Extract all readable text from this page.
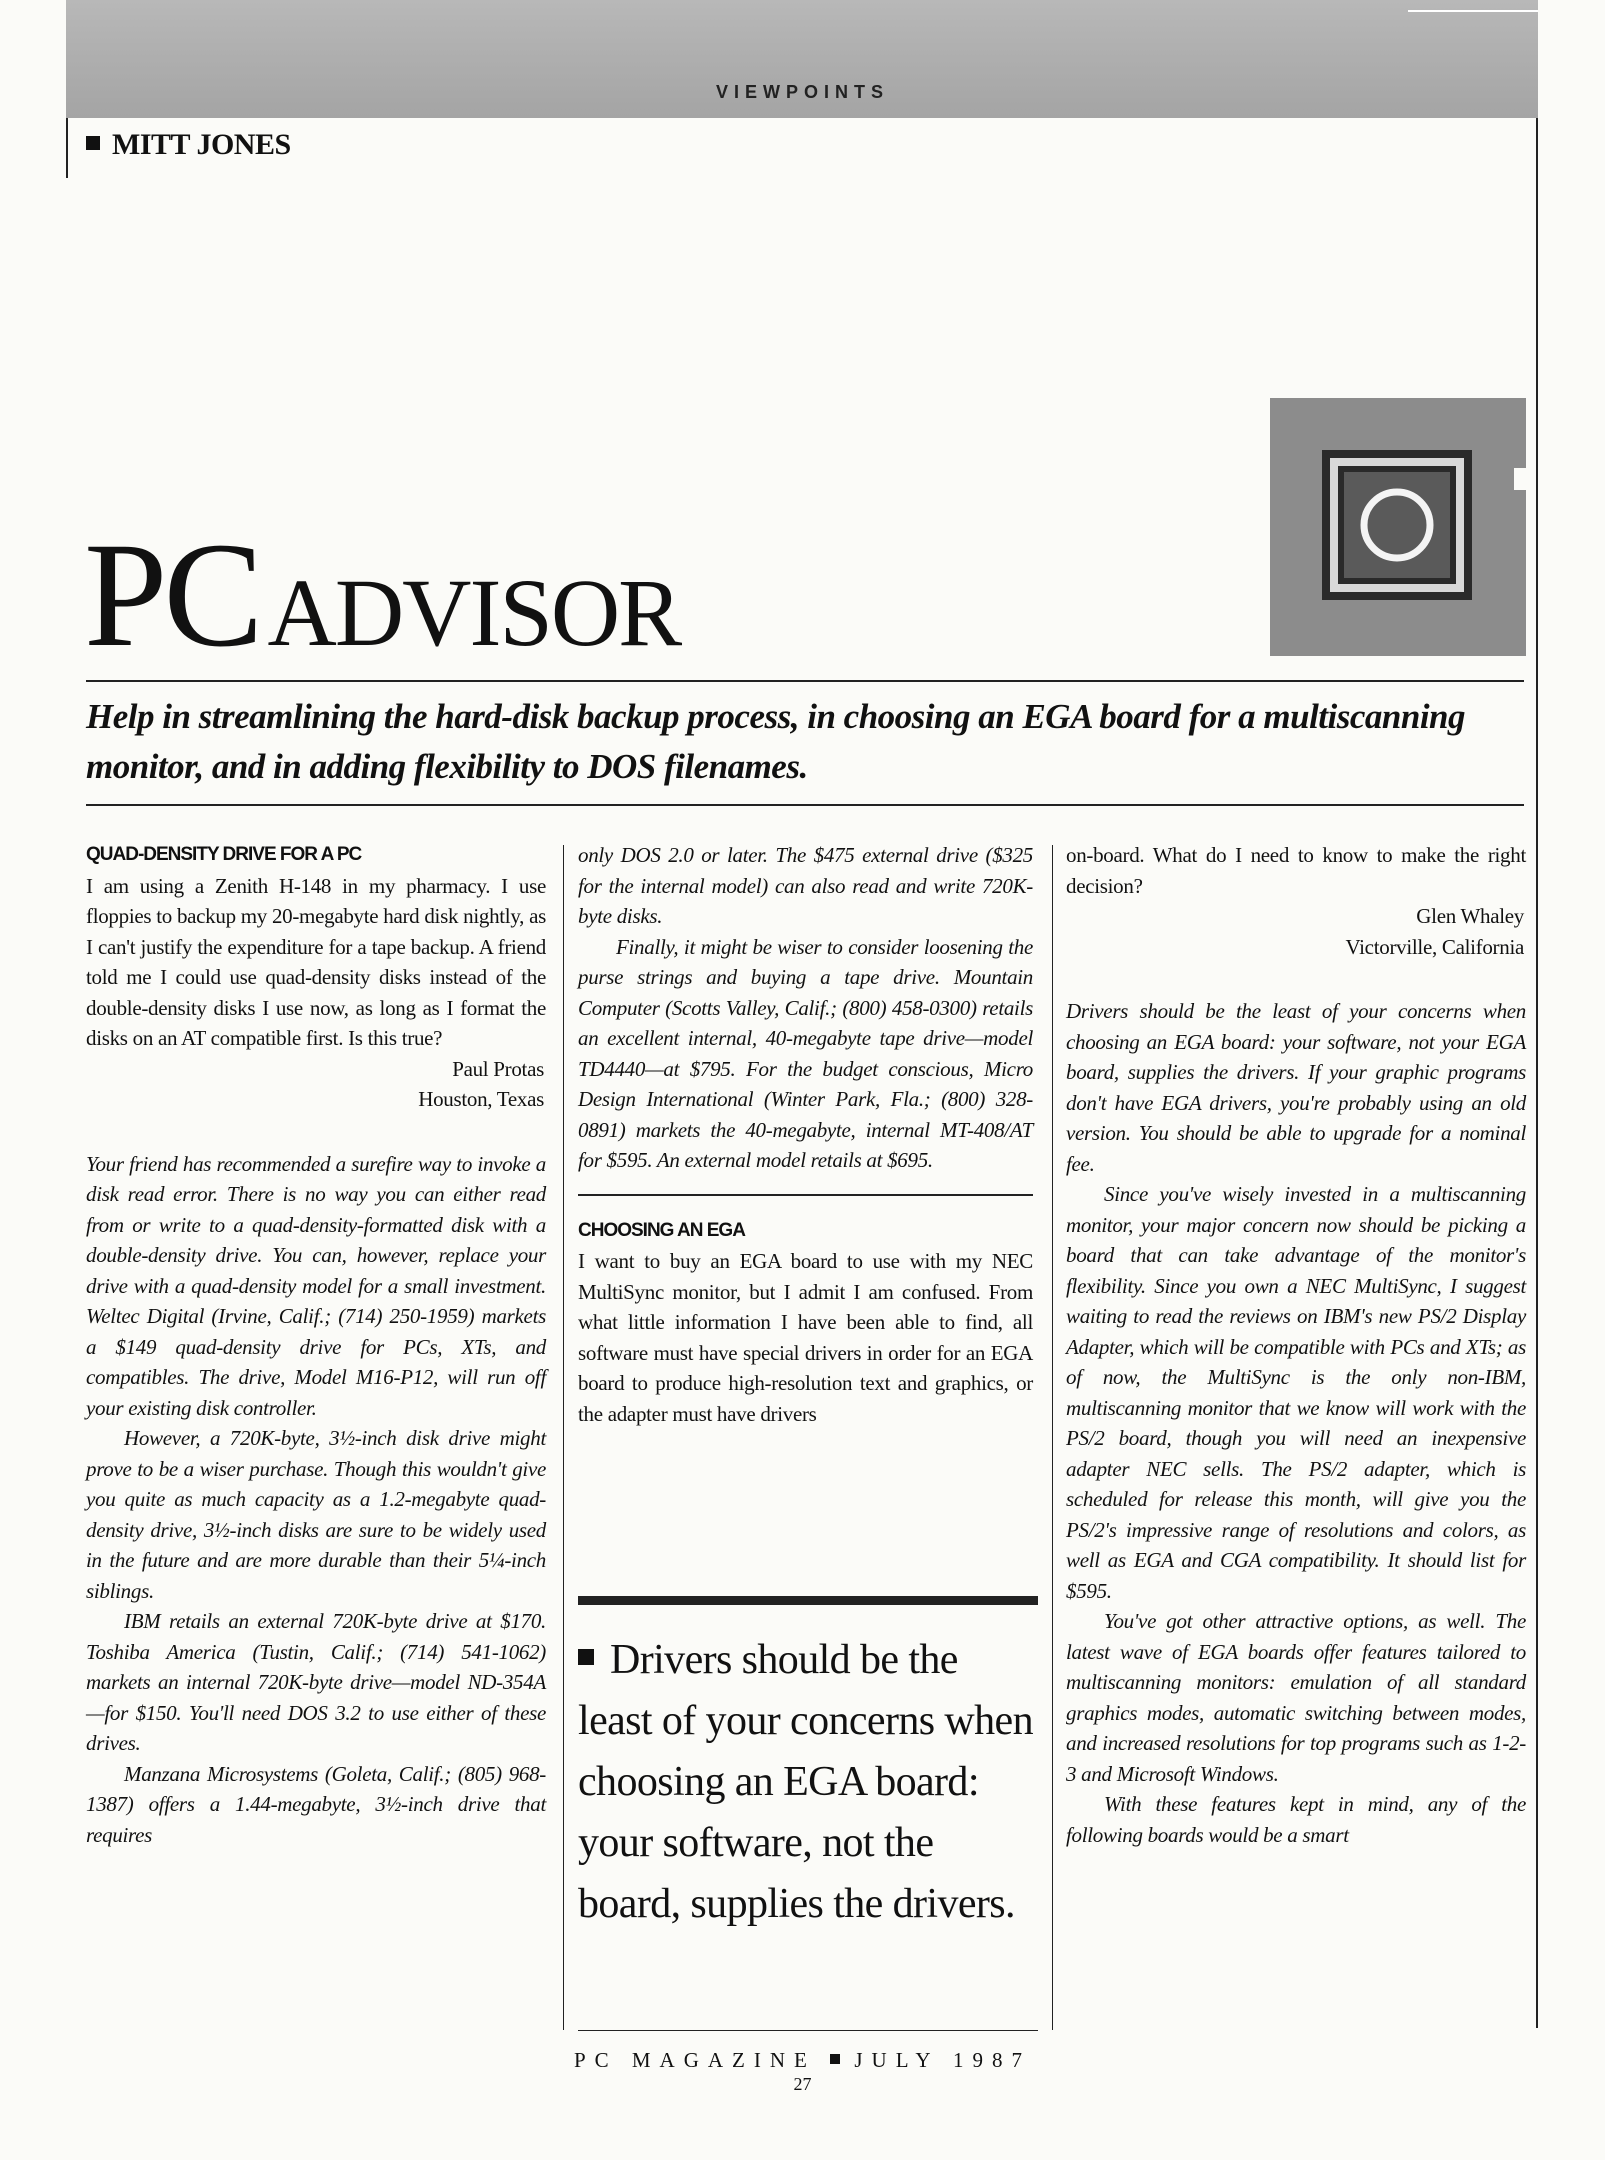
VIEWPOINTS
MITT JONES
PCADVISOR
Help in streamlining the hard-disk backup process, in choosing an EGA board for a multiscanning monitor, and in adding flexibility to DOS filenames.

QUAD-DENSITY DRIVE FOR A PC

I am using a Zenith H-148 in my pharmacy. I use floppies to backup my 20-megabyte hard disk nightly, as I can't justify the expenditure for a tape backup. A friend told me I could use quad-density disks instead of the double-density disks I use now, as long as I format the disks on an AT compatible first. Is this true?

Paul Protas

Houston, Texas

Your friend has recommended a surefire way to invoke a disk read error. There is no way you can either read from or write to a quad-density-formatted disk with a double-density drive. You can, however, replace your drive with a quad-density model for a small investment. Weltec Digital (Irvine, Calif.; (714) 250-1959) markets a $149 quad-density drive for PCs, XTs, and compatibles. The drive, Model M16-P12, will run off your existing disk controller.

However, a 720K-byte, 3½-inch disk drive might prove to be a wiser purchase. Though this wouldn't give you quite as much capacity as a 1.2-megabyte quad-density drive, 3½-inch disks are sure to be widely used in the future and are more durable than their 5¼-inch siblings.

IBM retails an external 720K-byte drive at $170. Toshiba America (Tustin, Calif.; (714) 541-1062) markets an internal 720K-byte drive—model ND-354A—for $150. You'll need DOS 3.2 to use either of these drives.

Manzana Microsystems (Goleta, Calif.; (805) 968-1387) offers a 1.44-megabyte, 3½-inch drive that requires

only DOS 2.0 or later. The $475 external drive ($325 for the internal model) can also read and write 720K-byte disks.

Finally, it might be wiser to consider loosening the purse strings and buying a tape drive. Mountain Computer (Scotts Valley, Calif.; (800) 458-0300) retails an excellent internal, 40-megabyte tape drive—model TD4440—at $795. For the budget conscious, Micro Design International (Winter Park, Fla.; (800) 328-0891) markets the 40-megabyte, internal MT-408/AT for $595. An external model retails at $695.

CHOOSING AN EGA

I want to buy an EGA board to use with my NEC MultiSync monitor, but I admit I am confused. From what little information I have been able to find, all software must have special drivers in order for an EGA board to produce high-resolution text and graphics, or the adapter must have drivers

Drivers should be the least of your concerns when choosing an EGA board: your software, not the board, supplies the drivers.

on-board. What do I need to know to make the right decision?

Glen Whaley

Victorville, California

Drivers should be the least of your concerns when choosing an EGA board: your software, not your EGA board, supplies the drivers. If your graphic programs don't have EGA drivers, you're probably using an old version. You should be able to upgrade for a nominal fee.

Since you've wisely invested in a multiscanning monitor, your major concern now should be picking a board that can take advantage of the monitor's flexibility. Since you own a NEC MultiSync, I suggest waiting to read the reviews on IBM's new PS/2 Display Adapter, which will be compatible with PCs and XTs; as of now, the MultiSync is the only non-IBM, multiscanning monitor that we know will work with the PS/2 board, though you will need an inexpensive adapter NEC sells. The PS/2 adapter, which is scheduled for release this month, will give you the PS/2's impressive range of resolutions and colors, as well as EGA and CGA compatibility. It should list for $595.

You've got other attractive options, as well. The latest wave of EGA boards offer features tailored to multiscanning monitors: emulation of all standard graphics modes, automatic switching between modes, and increased resolutions for top programs such as 1-2-3 and Microsoft Windows.

With these features kept in mind, any of the following boards would be a smart

PC MAGAZINE JULY 1987
27
